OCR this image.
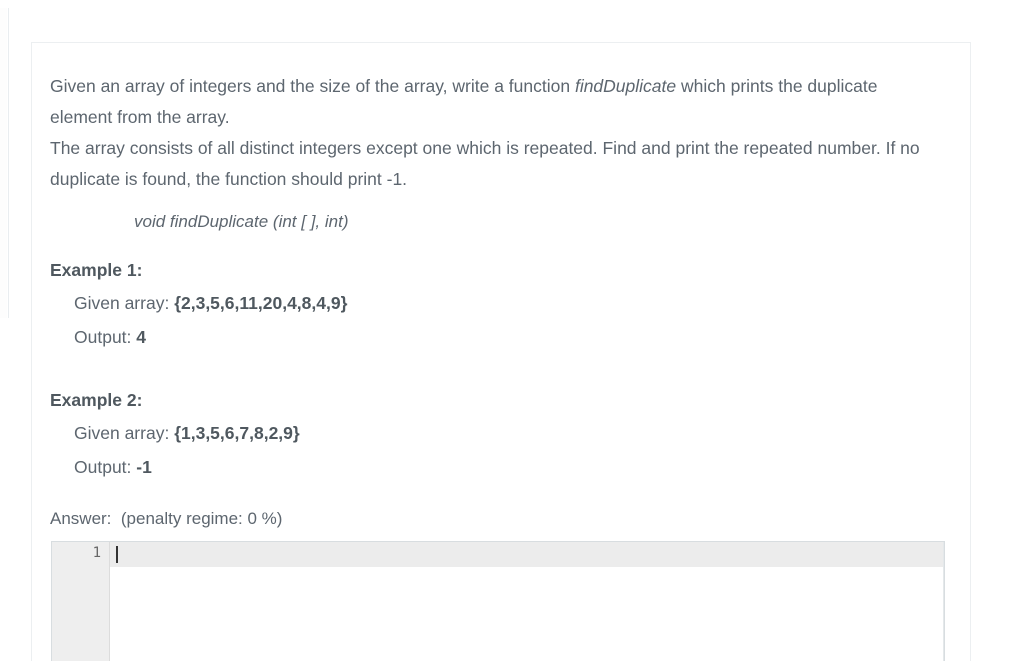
Given an array of integers and the size of the array, write a function findDuplicate which prints the duplicate element from the array.

The array consists of all distinct integers except one which is repeated. Find and print the repeated number. If no duplicate is found, the function should print -1.

void findDuplicate (int [ ], int)
Example 1:
Given array: {2,3,5,6,11,20,4,8,4,9}
Output: 4
Example 2:
Given array: {1,3,5,6,7,8,2,9}
Output: -1
Answer: (penalty regime: 0 %)
1
